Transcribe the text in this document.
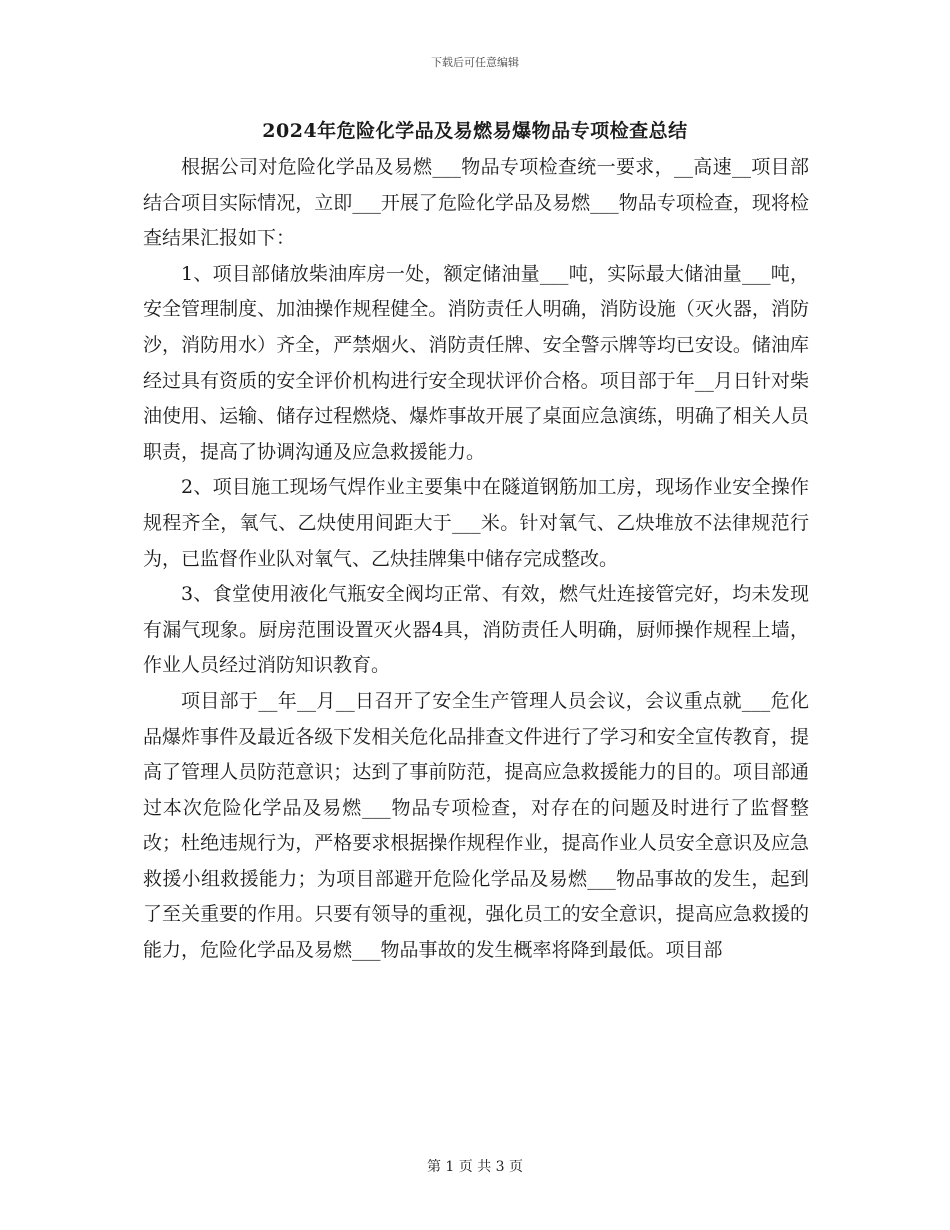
下载后可任意编辑
2024年危险化学品及易燃易爆物品专项检查总结

根据公司对危险化学品及易燃___物品专项检查统一要求，__高速__项目部结合项目实际情况，立即___开展了危险化学品及易燃___物品专项检查，现将检查结果汇报如下：

1、项目部储放柴油库房一处，额定储油量___吨，实际最大储油量___吨，安全管理制度、加油操作规程健全。消防责任人明确，消防设施（灭火器，消防沙，消防用水）齐全，严禁烟火、消防责任牌、安全警示牌等均已安设。储油库经过具有资质的安全评价机构进行安全现状评价合格。项目部于年__月日针对柴油使用、运输、储存过程燃烧、爆炸事故开展了桌面应急演练，明确了相关人员职责，提高了协调沟通及应急救援能力。

2、项目施工现场气焊作业主要集中在隧道钢筋加工房，现场作业安全操作规程齐全，氧气、乙炔使用间距大于___米。针对氧气、乙炔堆放不法律规范行为，已监督作业队对氧气、乙炔挂牌集中储存完成整改。

3、食堂使用液化气瓶安全阀均正常、有效，燃气灶连接管完好，均未发现有漏气现象。厨房范围设置灭火器4具，消防责任人明确，厨师操作规程上墙，作业人员经过消防知识教育。

项目部于__年__月__日召开了安全生产管理人员会议，会议重点就___危化品爆炸事件及最近各级下发相关危化品排查文件进行了学习和安全宣传教育，提高了管理人员防范意识；达到了事前防范，提高应急救援能力的目的。项目部通过本次危险化学品及易燃___物品专项检查，对存在的问题及时进行了监督整改；杜绝违规行为，严格要求根据操作规程作业，提高作业人员安全意识及应急救援小组救援能力；为项目部避开危险化学品及易燃___物品事故的发生，起到了至关重要的作用。只要有领导的重视，强化员工的安全意识，提高应急救援的能力，危险化学品及易燃___物品事故的发生概率将降到最低。项目部

第 1 页 共 3 页
